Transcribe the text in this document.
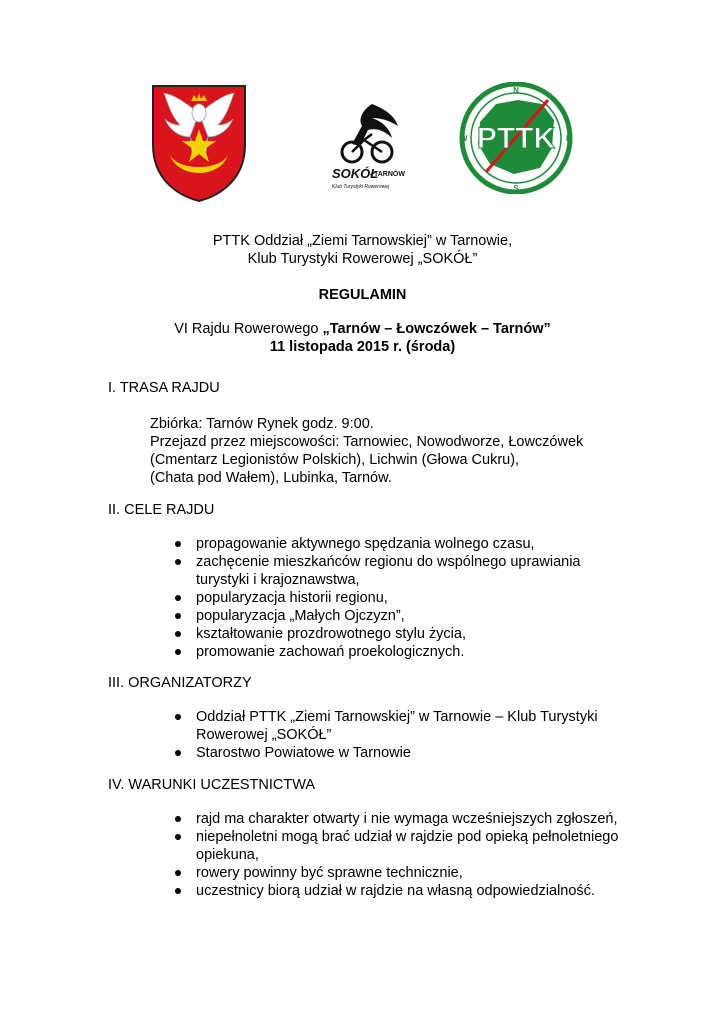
SOKÓŁ
TARNÓW
Klub Turystyki Rowerowej
PTTK
N
S
W	E
PTTK Oddział „Ziemi Tarnowskiej” w Tarnowie,
Klub Turystyki Rowerowej „SOKÓŁ”
REGULAMIN
VI Rajdu Rowerowego „Tarnów – Łowczówek – Tarnów”
11 listopada 2015 r. (środa)
I. TRASA RAJDU
Zbiórka: Tarnów Rynek godz. 9:00.
Przejazd przez miejscowości: Tarnowiec, Nowodworze, Łowczówek
(Cmentarz Legionistów Polskich), Lichwin (Głowa Cukru),
(Chata pod Wałem), Lubinka, Tarnów.
II. CELE RAJDU
propagowanie aktywnego spędzania wolnego czasu,
zachęcenie mieszkańców regionu do wspólnego uprawiania turystyki i krajoznawstwa,
popularyzacja historii regionu,
popularyzacja „Małych Ojczyzn”,
kształtowanie prozdrowotnego stylu życia,
promowanie zachowań proekologicznych.
III. ORGANIZATORZY
Oddział PTTK „Ziemi Tarnowskiej” w Tarnowie – Klub Turystyki Rowerowej „SOKÓŁ”
Starostwo Powiatowe w Tarnowie
IV. WARUNKI UCZESTNICTWA
rajd ma charakter otwarty i nie wymaga wcześniejszych zgłoszeń,
niepełnoletni mogą brać udział w rajdzie pod opieką pełnoletniego opiekuna,
rowery powinny być sprawne technicznie,
uczestnicy biorą udział w rajdzie na własną odpowiedzialność.
